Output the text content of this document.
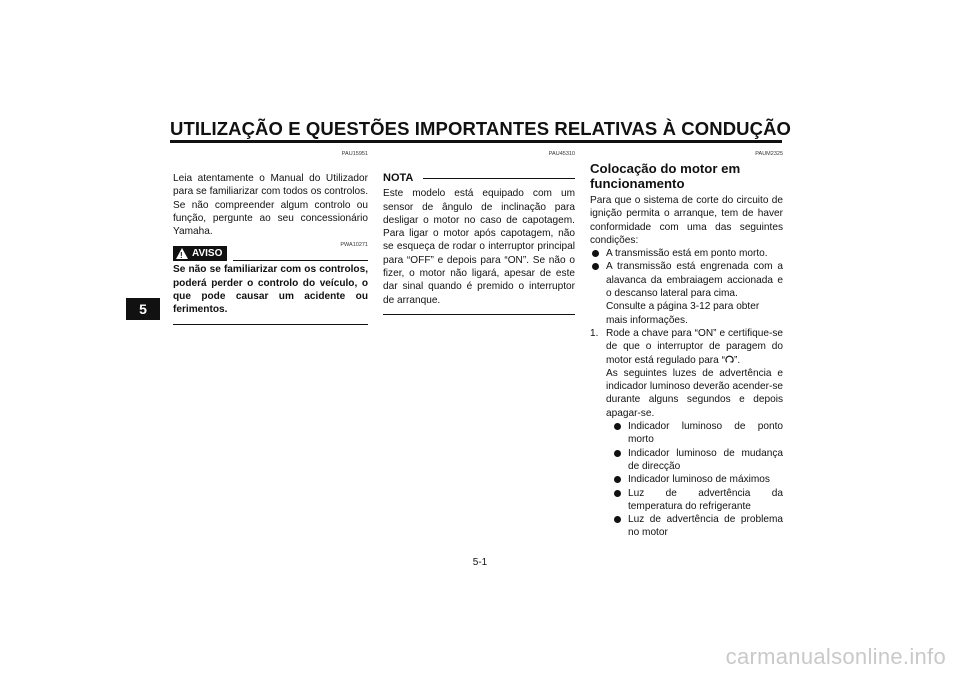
UTILIZAÇÃO E QUESTÕES IMPORTANTES RELATIVAS À CONDUÇÃO
5
PAU15951

Leia atentamente o Manual do Utilizador para se familiarizar com todos os controlos. Se não compreender algum controlo ou função, pergunte ao seu concessionário Yamaha.

! AVISO
PWA10271
Se não se familiarizar com os controlos, poderá perder o controlo do veículo, o que pode causar um acidente ou ferimentos.
PAU45310
NOTA
Este modelo está equipado com um sensor de ângulo de inclinação para desligar o motor no caso de capotagem. Para ligar o motor após capotagem, não se esqueça de rodar o interruptor principal para “OFF” e depois para “ON”. Se não o fizer, o motor não ligará, apesar de este dar sinal quando é premido o interruptor de arranque.
PAUM2325
Colocação do motor em funcionamento
Para que o sistema de corte do circuito de ignição permita o arranque, tem de haver conformidade com uma das seguintes condições:
A transmissão está em ponto morto.
A transmissão está engrenada com a alavanca da embraiagem accionada e o descanso lateral para cima.
Consulte a página 3-12 para obter mais informações.
1. Rode a chave para “ON” e certifique-se de que o interruptor de paragem do motor está regulado para “ ”.
As seguintes luzes de advertência e indicador luminoso deverão acender-se durante alguns segundos e depois apagar-se.
Indicador luminoso de ponto morto
Indicador luminoso de mudança de direcção
Indicador luminoso de máximos
Luz de advertência da temperatura do refrigerante
Luz de advertência de problema no motor
5-1
carmanualsonline.info
